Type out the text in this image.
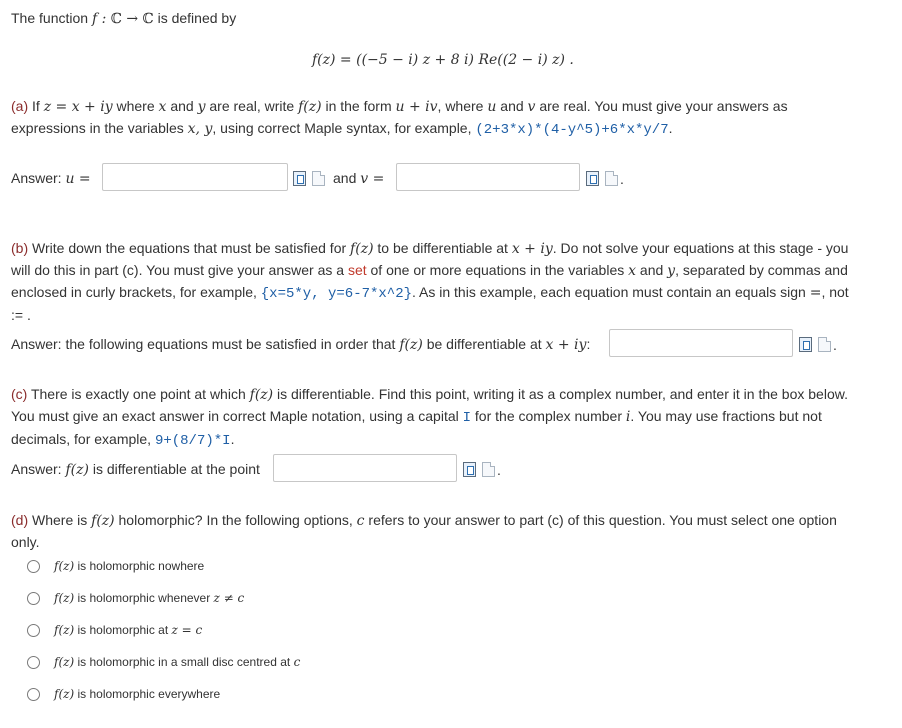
The function f : ℂ → ℂ is defined by
f(z) = ((−5 − i) z + 8 i) Re((2 − i) z) .
(a) If z = x + iy where x and y are real, write f(z) in the form u + iv, where u and v are real. You must give your answers as expressions in the variables x, y, using correct Maple syntax, for example, (2+3*x)*(4-y^5)+6*x*y/7.
Answer: u =	and v =	.
(b) Write down the equations that must be satisfied for f(z) to be differentiable at x + iy. Do not solve your equations at this stage - you will do this in part (c). You must give your answer as a set of one or more equations in the variables x and y, separated by commas and enclosed in curly brackets, for example, {x=5*y, y=6-7*x^2}. As in this example, each equation must contain an equals sign =, not := .
Answer: the following equations must be satisfied in order that f(z) be differentiable at x + iy:	.
(c) There is exactly one point at which f(z) is differentiable. Find this point, writing it as a complex number, and enter it in the box below. You must give an exact answer in correct Maple notation, using a capital I for the complex number i. You may use fractions but not decimals, for example, 9+(8/7)*I.
Answer: f(z) is differentiable at the point	.
(d) Where is f(z) holomorphic? In the following options, c refers to your answer to part (c) of this question. You must select one option only.
f(z) is holomorphic nowhere
f(z) is holomorphic whenever z ≠ c
f(z) is holomorphic at z = c
f(z) is holomorphic in a small disc centred at c
f(z) is holomorphic everywhere
